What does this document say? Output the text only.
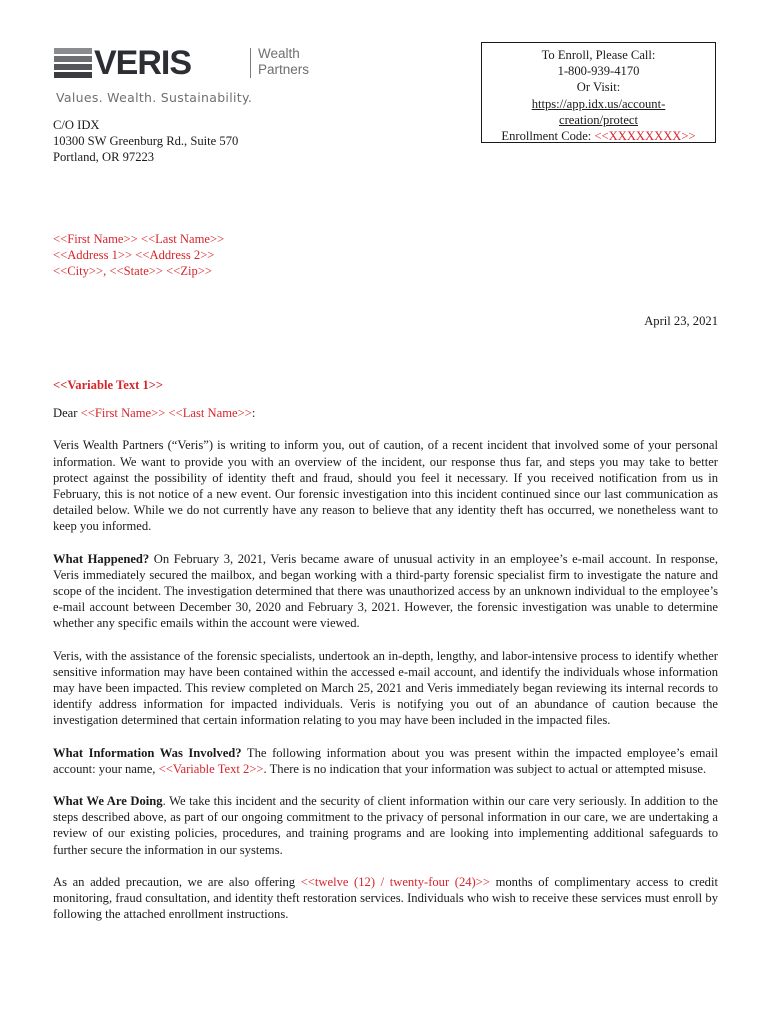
VERIS	Wealth
Partners
Values. Wealth. Sustainability.
C/O IDX
10300 SW Greenburg Rd., Suite 570
Portland, OR 97223
To Enroll, Please Call:
1-800-939-4170
Or Visit:
https://app.idx.us/account-
creation/protect
Enrollment Code: <<XXXXXXXX>>
<<First Name>> <<Last Name>>
<<Address 1>> <<Address 2>>
<<City>>, <<State>> <<Zip>>
April 23, 2021

<<Variable Text 1>>

Dear <<First Name>> <<Last Name>>:

Veris Wealth Partners (“Veris”) is writing to inform you, out of caution, of a recent incident that involved some of your personal information. We want to provide you with an overview of the incident, our response thus far, and steps you may take to better protect against the possibility of identity theft and fraud, should you feel it necessary. If you received notification from us in February, this is not notice of a new event. Our forensic investigation into this incident continued since our last communication as detailed below. While we do not currently have any reason to believe that any identity theft has occurred, we nonetheless want to keep you informed.

What Happened? On February 3, 2021, Veris became aware of unusual activity in an employee’s e-mail account. In response, Veris immediately secured the mailbox, and began working with a third-party forensic specialist firm to investigate the nature and scope of the incident. The investigation determined that there was unauthorized access by an unknown individual to the employee’s e-mail account between December 30, 2020 and February 3, 2021. However, the forensic investigation was unable to determine whether any specific emails within the account were viewed.

Veris, with the assistance of the forensic specialists, undertook an in-depth, lengthy, and labor-intensive process to identify whether sensitive information may have been contained within the accessed e-mail account, and identify the individuals whose information may have been impacted. This review completed on March 25, 2021 and Veris immediately began reviewing its internal records to identify address information for impacted individuals. Veris is notifying you out of an abundance of caution because the investigation determined that certain information relating to you may have been included in the impacted files.

What Information Was Involved? The following information about you was present within the impacted employee’s email account: your name, <<Variable Text 2>>. There is no indication that your information was subject to actual or attempted misuse.

What We Are Doing. We take this incident and the security of client information within our care very seriously. In addition to the steps described above, as part of our ongoing commitment to the privacy of personal information in our care, we are undertaking a review of our existing policies, procedures, and training programs and are looking into implementing additional safeguards to further secure the information in our systems.

As an added precaution, we are also offering <<twelve (12) / twenty-four (24)>> months of complimentary access to credit monitoring, fraud consultation, and identity theft restoration services. Individuals who wish to receive these services must enroll by following the attached enrollment instructions.
